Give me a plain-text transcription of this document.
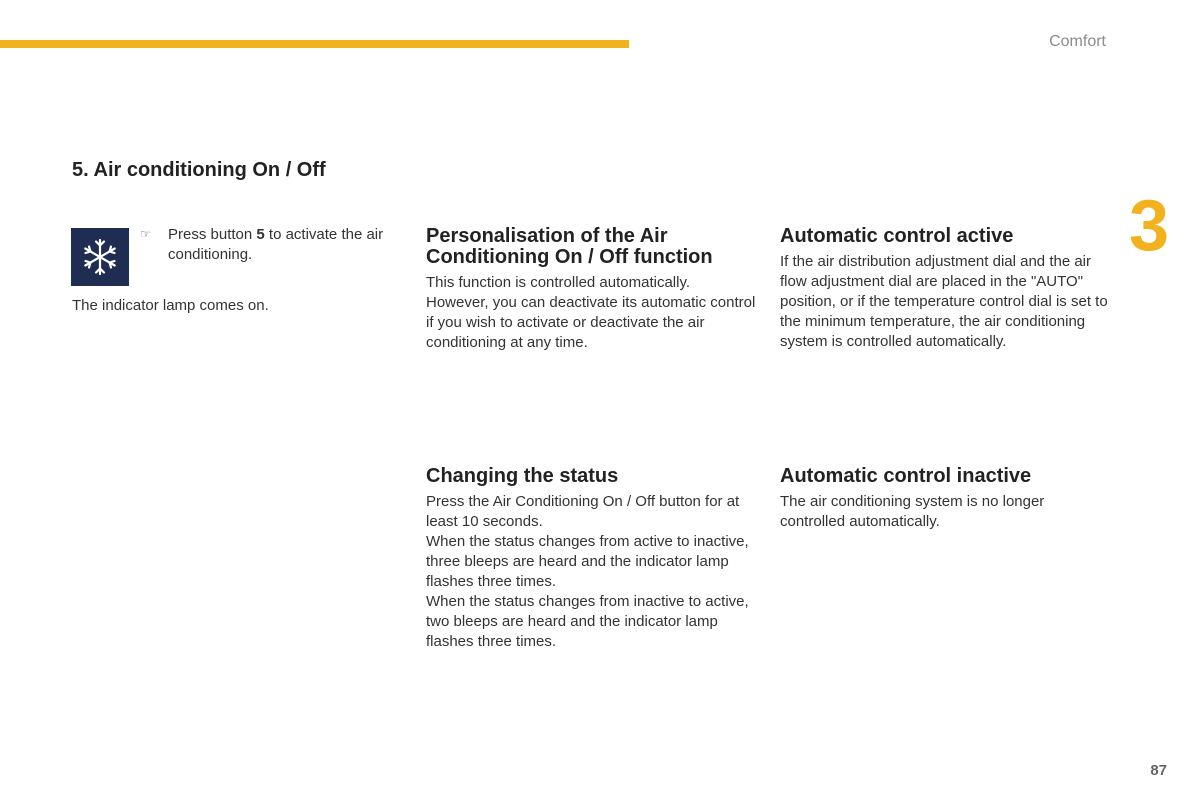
Comfort
3
5. Air conditioning On / Off
☞ Press button 5 to activate the air conditioning.
The indicator lamp comes on.
Personalisation of the Air Conditioning On / Off function

This function is controlled automatically. However, you can deactivate its automatic control if you wish to activate or deactivate the air conditioning at any time.

Automatic control active

If the air distribution adjustment dial and the air flow adjustment dial are placed in the "AUTO" position, or if the temperature control dial is set to the minimum temperature, the air conditioning system is controlled automatically.

Changing the status

Press the Air Conditioning On / Off button for at least 10 seconds.

When the status changes from active to inactive, three bleeps are heard and the indicator lamp flashes three times.

When the status changes from inactive to active, two bleeps are heard and the indicator lamp flashes three times.

Automatic control inactive

The air conditioning system is no longer controlled automatically.

87
